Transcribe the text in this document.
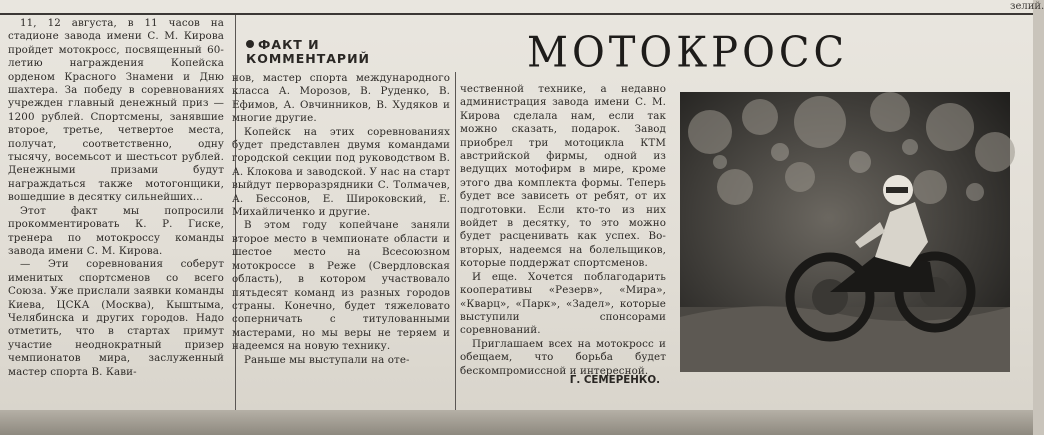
зелий.

11, 12 августа, в 11 часов на стадионе завода имени С. М. Кирова пройдет мотокросс, посвященный 60-летию награждения Копейска орденом Красного Знамени и Дню шахтера. За победу в соревнованиях учрежден главный денежный приз — 1200 рублей. Спортсмены, занявшие второе, третье, четвертое места, получат, соответственно, одну тысячу, восемьсот и шестьсот рублей. Денежными призами будут награждаться также мотогонщики, вошедшие в десятку сильнейших...

Этот факт мы попросили прокомментировать К. Р. Гиске, тренера по мотокроссу команды завода имени С. М. Кирова.

— Эти соревнования соберут именитых спортсменов со всего Союза. Уже прислали заявки команды Киева, ЦСКА (Москва), Кыштыма, Челябинска и других городов. Надо отметить, что в стартах примут участие неоднократный призер чемпионатов мира, заслуженный мастер спорта В. Кави-

ФАКТ И
КОММЕНТАРИЙ

нов, мастер спорта международного класса А. Морозов, В. Руденко, В. Ефимов, А. Овчинников, В. Худяков и многие другие.

Копейск на этих соревнованиях будет представлен двумя командами городской секции под руководством В. А. Клокова и заводской. У нас на старт выйдут перворазрядники С. Толмачев, А. Бессонов, Е. Широковский, Е. Михайличенко и другие.

В этом году копейчане заняли второе место в чемпионате области и шестое место на Всесоюзном мотокроссе в Реже (Свердловская область), в котором участвовало пятьдесят команд из разных городов страны. Конечно, будет тяжеловато соперничать с титулованными мастерами, но мы веры не теряем и надеемся на новую технику.

Раньше мы выступали на оте-

МОТОКРОСС

чественной технике, а недавно администрация завода имени С. М. Кирова сделала нам, если так можно сказать, подарок. Завод приобрел три мотоцикла КТМ австрийской фирмы, одной из ведущих мотофирм в мире, кроме этого два комплекта формы. Теперь будет все зависеть от ребят, от их подготовки. Если кто-то из них войдет в десятку, то это можно будет расценивать как успех. Во-вторых, надеемся на болельщиков, которые поддержат спортсменов.

И еще. Хочется поблагодарить кооперативы «Резерв», «Мира», «Кварц», «Парк», «Задел», которые выступили спонсорами соревнований.

Приглашаем всех на мотокросс и обещаем, что борьба будет бескомпромиссной и интересной.

Г. СЕМЕРЕНКО.
